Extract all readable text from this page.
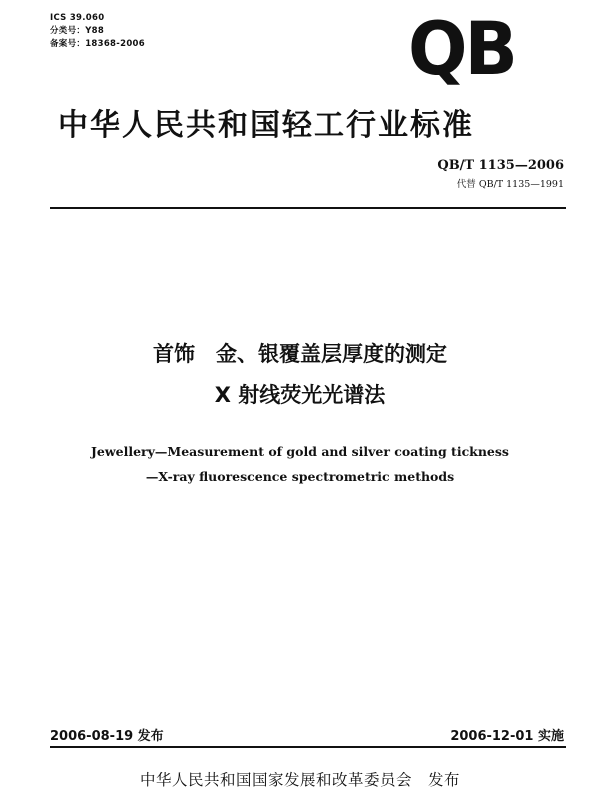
ICS 39.060
分类号：Y88
备案号：18368-2006	QB
中华人民共和国轻工行业标准
QB/T 1135—2006
代替 QB/T 1135—1991
首饰　金、银覆盖层厚度的测定
X 射线荧光光谱法
Jewellery—Measurement of gold and silver coating tickness
—X-ray fluorescence spectrometric methods
2006-08-19 发布	2006-12-01 实施
中华人民共和国国家发展和改革委员会　发布
